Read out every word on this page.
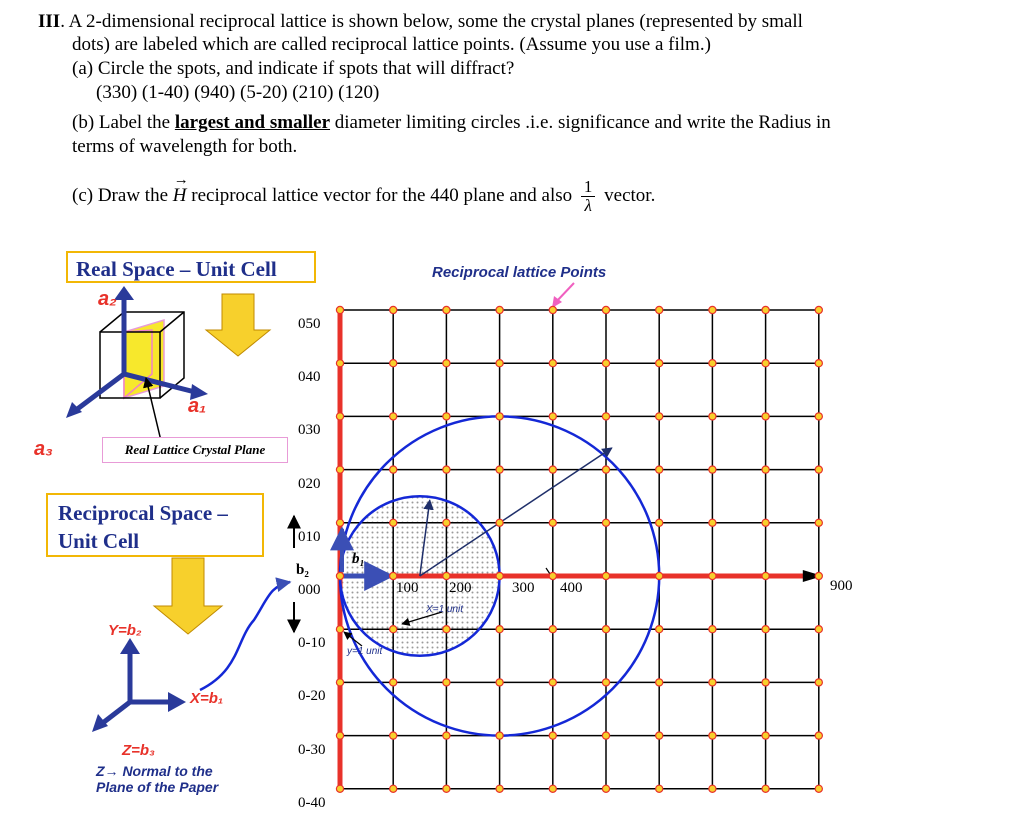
III. A 2-dimensional reciprocal lattice is shown below, some the crystal planes (represented by small
dots) are labeled which are called reciprocal lattice points. (Assume you use a film.)
(a) Circle the spots, and indicate if spots that will diffract?
(330) (1-40) (940) (5-20) (210) (120)
(b) Label the largest and smaller diameter limiting circles .i.e. significance and write the Radius in
terms of wavelength for both.
(c) Draw the
→
H reciprocal lattice vector for the 440 plane and also $\frac{1}{\lambda}$ vector.
Real Space – Unit Cell
a₂
a₁
a₃	Real Lattice Crystal Plane
Reciprocal Space –
Unit Cell
Y=b₂
X=b₁
Z=b₃
Z→ Normal to the
Plane of the Paper
Reciprocal lattice Points
050
040
030
020
010
000
0-10
0-20
0-30
0-40
100 200	300 400
b₂
b₁
X=1 unit
y=1 unit
900
